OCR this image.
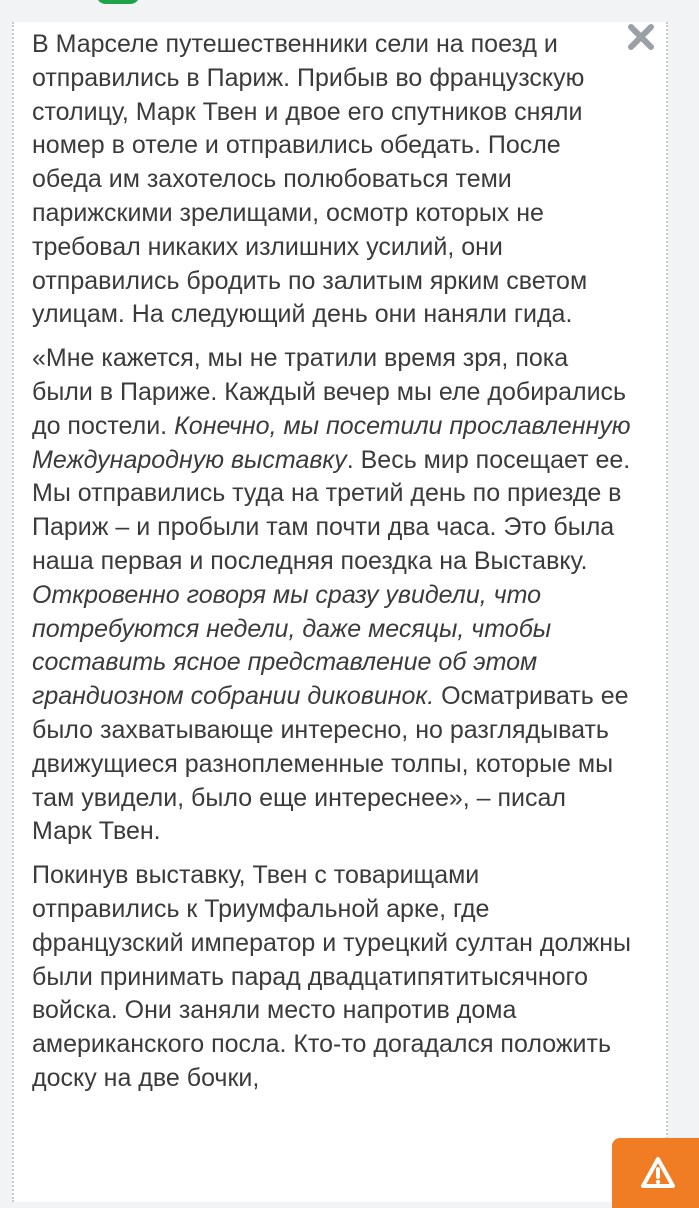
В Марселе путешественники сели на поезд и отправились в Париж. Прибыв во французскую столицу, Марк Твен и двое его спутников сняли номер в отеле и отправились обедать. После обеда им захотелось полюбоваться теми парижскими зрелищами, осмотр которых не требовал никаких излишних усилий, они отправились бродить по залитым ярким светом улицам. На следующий день они наняли гида.

«Мне кажется, мы не тратили время зря, пока были в Париже. Каждый вечер мы еле добирались до постели. Конечно, мы посетили прославленную Международную выставку. Весь мир посещает ее. Мы отправились туда на третий день по приезде в Париж – и пробыли там почти два часа. Это была наша первая и последняя поездка на Выставку. Откровенно говоря мы сразу увидели, что потребуются недели, даже месяцы, чтобы составить ясное представление об этом грандиозном собрании диковинок. Осматривать ее было захватывающе интересно, но разглядывать движущиеся разноплеменные толпы, которые мы там увидели, было еще интереснее», – писал Марк Твен.

Покинув выставку, Твен с товарищами отправились к Триумфальной арке, где французский император и турецкий султан должны были принимать парад двадцатипятитысячного войска. Они заняли место напротив дома американского посла. Кто-то догадался положить доску на две бочки,
